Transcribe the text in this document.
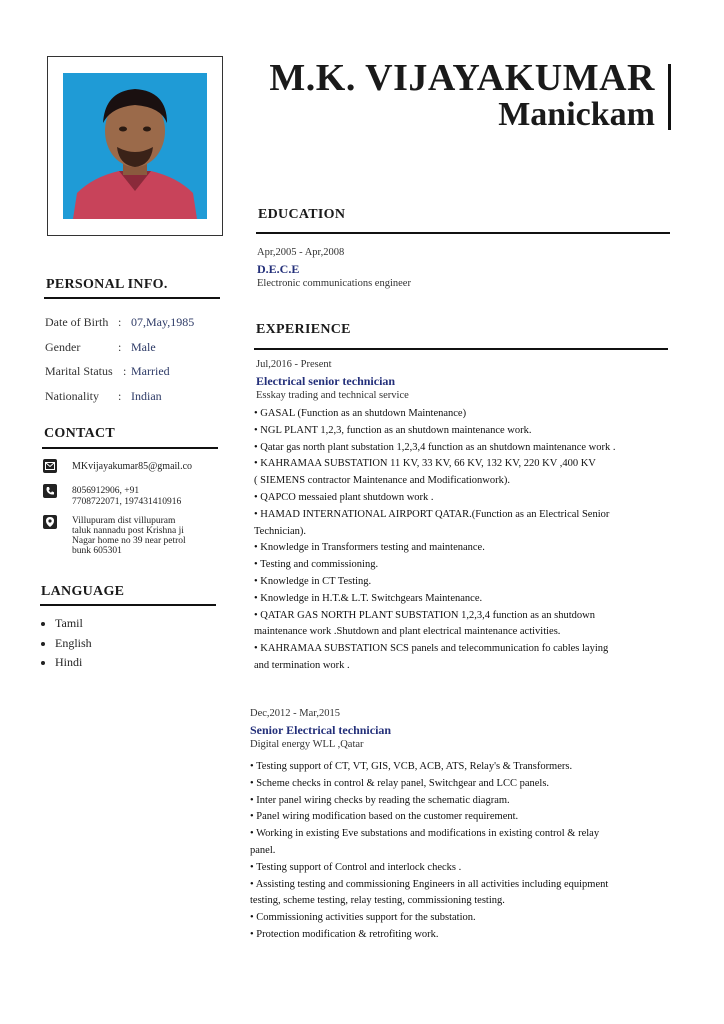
M.K. VIJAYAKUMAR
Manickam
PERSONAL INFO.
Date of Birth : 07,May,1985
Gender	: Male
Marital Status : Married
Nationality : Indian
CONTACT
MKvijayakumar85@gmail.co
8056912906, +91
7708722071, 197431410916
Villupuram dist villupuram
taluk nannadu post Krishna ji
Nagar home no 39 near petrol
bunk 605301
LANGUAGE
Tamil
English
Hindi
EDUCATION
Apr,2005 - Apr,2008
D.E.C.E
Electronic communications engineer
EXPERIENCE
Jul,2016 - Present
Electrical senior technician
Esskay trading and technical service
• GASAL (Function as an shutdown Maintenance)
• NGL PLANT 1,2,3, function as an shutdown maintenance work.
• Qatar gas north plant substation 1,2,3,4 function as an shutdown maintenance work .
• KAHRAMAA SUBSTATION 11 KV, 33 KV, 66 KV, 132 KV, 220 KV ,400 KV
( SIEMENS contractor Maintenance and Modificationwork).
• QAPCO messaied plant shutdown work .
• HAMAD INTERNATIONAL AIRPORT QATAR.(Function as an Electrical Senior
Technician).
• Knowledge in Transformers testing and maintenance.
• Testing and commissioning.
• Knowledge in CT Testing.
• Knowledge in H.T.& L.T. Switchgears Maintenance.
• QATAR GAS NORTH PLANT SUBSTATION 1,2,3,4 function as an shutdown
maintenance work .Shutdown and plant electrical maintenance activities.
• KAHRAMAA SUBSTATION SCS panels and telecommunication fo cables laying
and termination work .
Dec,2012 - Mar,2015
Senior Electrical technician
Digital energy WLL ,Qatar
• Testing support of CT, VT, GIS, VCB, ACB, ATS, Relay's & Transformers.
• Scheme checks in control & relay panel, Switchgear and LCC panels.
• Inter panel wiring checks by reading the schematic diagram.
• Panel wiring modification based on the customer requirement.
• Working in existing Eve substations and modifications in existing control & relay
panel.
• Testing support of Control and interlock checks .
• Assisting testing and commissioning Engineers in all activities including equipment
testing, scheme testing, relay testing, commissioning testing.
• Commissioning activities support for the substation.
• Protection modification & retrofiting work.
